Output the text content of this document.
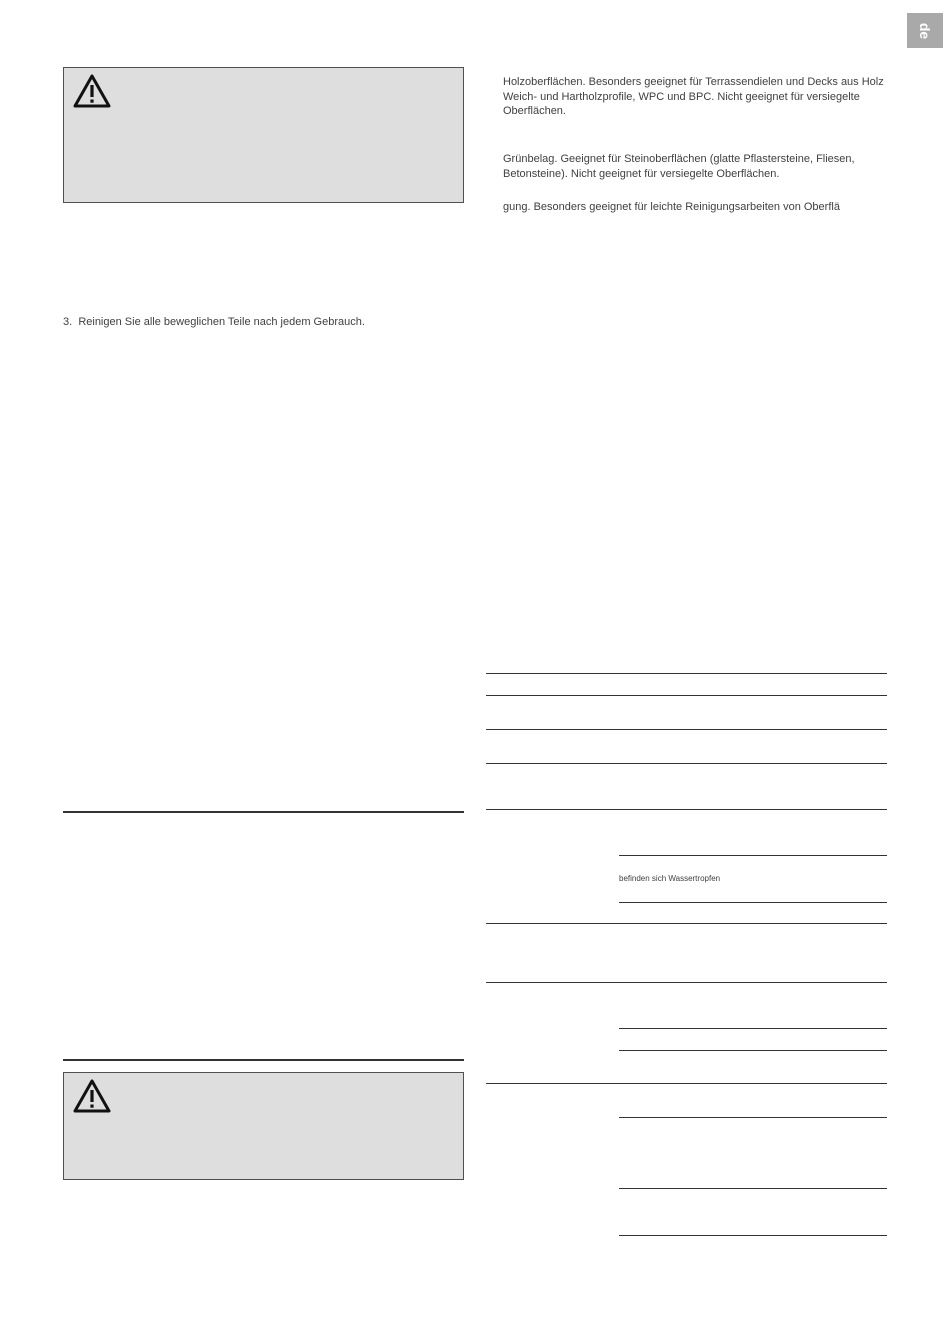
de
3. Reinigen Sie alle beweglichen Teile nach jedem Gebrauch.
Holzoberflächen. Besonders geeignet für Terrassendielen und Decks aus Holz Weich- und Hartholzprofile, WPC und BPC. Nicht geeignet für versiegelte Oberflächen.
Grünbelag. Geeignet für Steinoberflächen (glatte Pflastersteine, Fliesen, Betonsteine). Nicht geeignet für versiegelte Oberflächen.
gung. Besonders geeignet für leichte Reinigungsarbeiten von Oberflä
befinden sich Wassertropfen
